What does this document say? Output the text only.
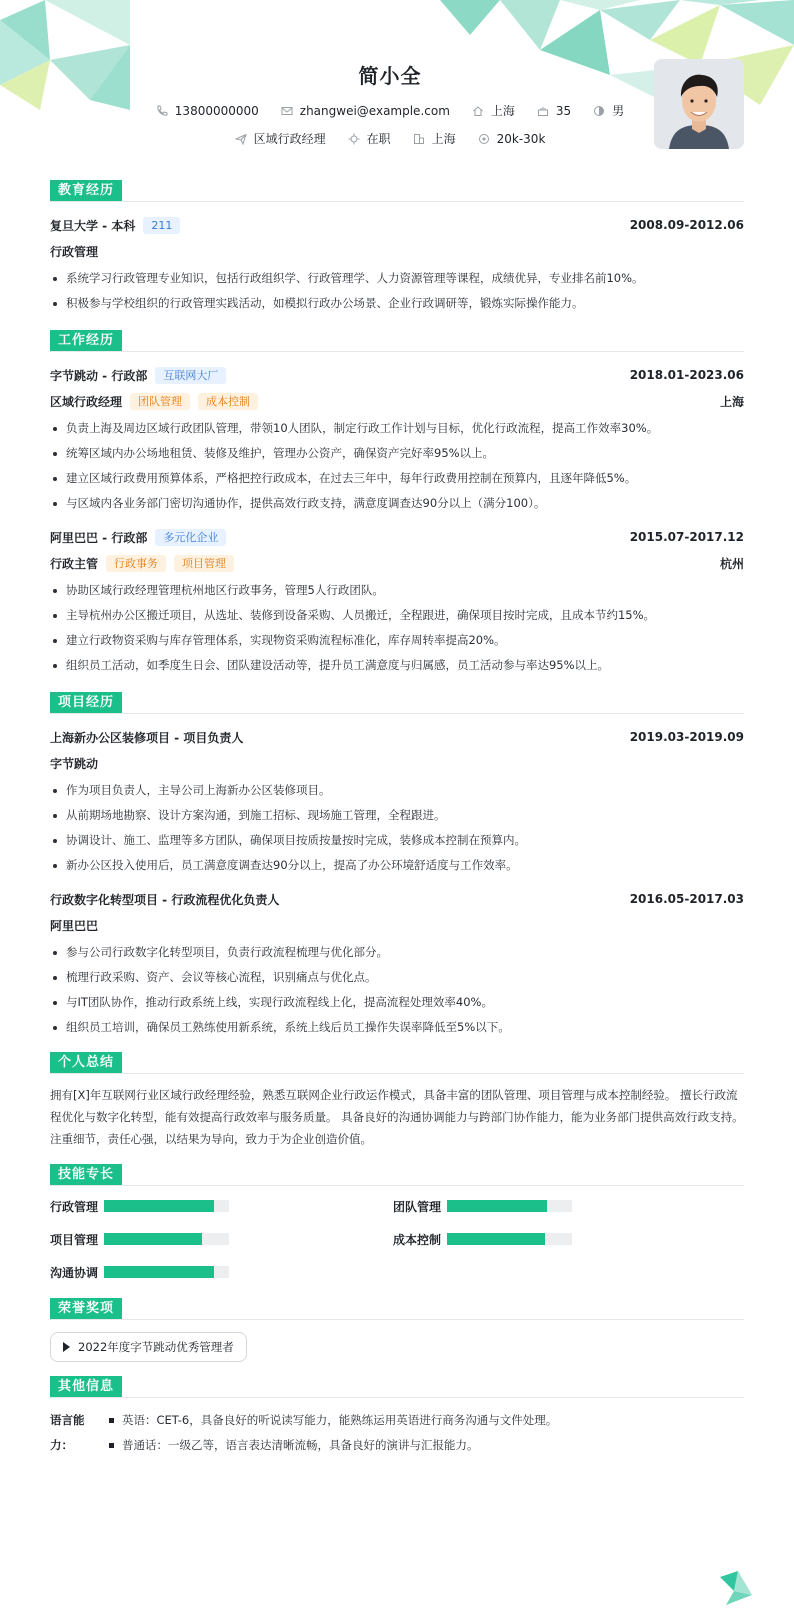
简小全
13800000000	zhangwei@example.com	上海	35	男
区域行政经理	在职	上海	20k-30k
教育经历
复旦大学 - 本科	211	2008.09-2012.06
行政管理
系统学习行政管理专业知识，包括行政组织学、行政管理学、人力资源管理等课程，成绩优异，专业排名前10%。
积极参与学校组织的行政管理实践活动，如模拟行政办公场景、企业行政调研等，锻炼实际操作能力。
工作经历
字节跳动 - 行政部	互联网大厂	2018.01-2023.06
区域行政经理	团队管理	成本控制	上海
负责上海及周边区域行政团队管理，带领10人团队，制定行政工作计划与目标，优化行政流程，提高工作效率30%。
统筹区域内办公场地租赁、装修及维护，管理办公资产，确保资产完好率95%以上。
建立区域行政费用预算体系，严格把控行政成本，在过去三年中，每年行政费用控制在预算内，且逐年降低5%。
与区域内各业务部门密切沟通协作，提供高效行政支持，满意度调查达90分以上（满分100）。
阿里巴巴 - 行政部	多元化企业	2015.07-2017.12
行政主管	行政事务	项目管理	杭州
协助区域行政经理管理杭州地区行政事务，管理5人行政团队。
主导杭州办公区搬迁项目，从选址、装修到设备采购、人员搬迁，全程跟进，确保项目按时完成，且成本节约15%。
建立行政物资采购与库存管理体系，实现物资采购流程标准化，库存周转率提高20%。
组织员工活动，如季度生日会、团队建设活动等，提升员工满意度与归属感，员工活动参与率达95%以上。
项目经历
上海新办公区装修项目 - 项目负责人	2019.03-2019.09
字节跳动
作为项目负责人，主导公司上海新办公区装修项目。
从前期场地勘察、设计方案沟通，到施工招标、现场施工管理，全程跟进。
协调设计、施工、监理等多方团队，确保项目按质按量按时完成，装修成本控制在预算内。
新办公区投入使用后，员工满意度调查达90分以上，提高了办公环境舒适度与工作效率。
行政数字化转型项目 - 行政流程优化负责人	2016.05-2017.03
阿里巴巴
参与公司行政数字化转型项目，负责行政流程梳理与优化部分。
梳理行政采购、资产、会议等核心流程，识别痛点与优化点。
与IT团队协作，推动行政系统上线，实现行政流程线上化，提高流程处理效率40%。
组织员工培训，确保员工熟练使用新系统，系统上线后员工操作失误率降低至5%以下。
个人总结

拥有[X]年互联网行业区域行政经理经验，熟悉互联网企业行政运作模式，具备丰富的团队管理、项目管理与成本控制经验。 擅长行政流程优化与数字化转型，能有效提高行政效率与服务质量。 具备良好的沟通协调能力与跨部门协作能力，能为业务部门提供高效行政支持。 注重细节，责任心强，以结果为导向，致力于为企业创造价值。

技能专长
行政管理	团队管理
项目管理	成本控制
沟通协调
荣誉奖项
2022年度字节跳动优秀管理者
其他信息
语言能力：
英语：CET-6，具备良好的听说读写能力，能熟练运用英语进行商务沟通与文件处理。
普通话：一级乙等，语言表达清晰流畅，具备良好的演讲与汇报能力。
